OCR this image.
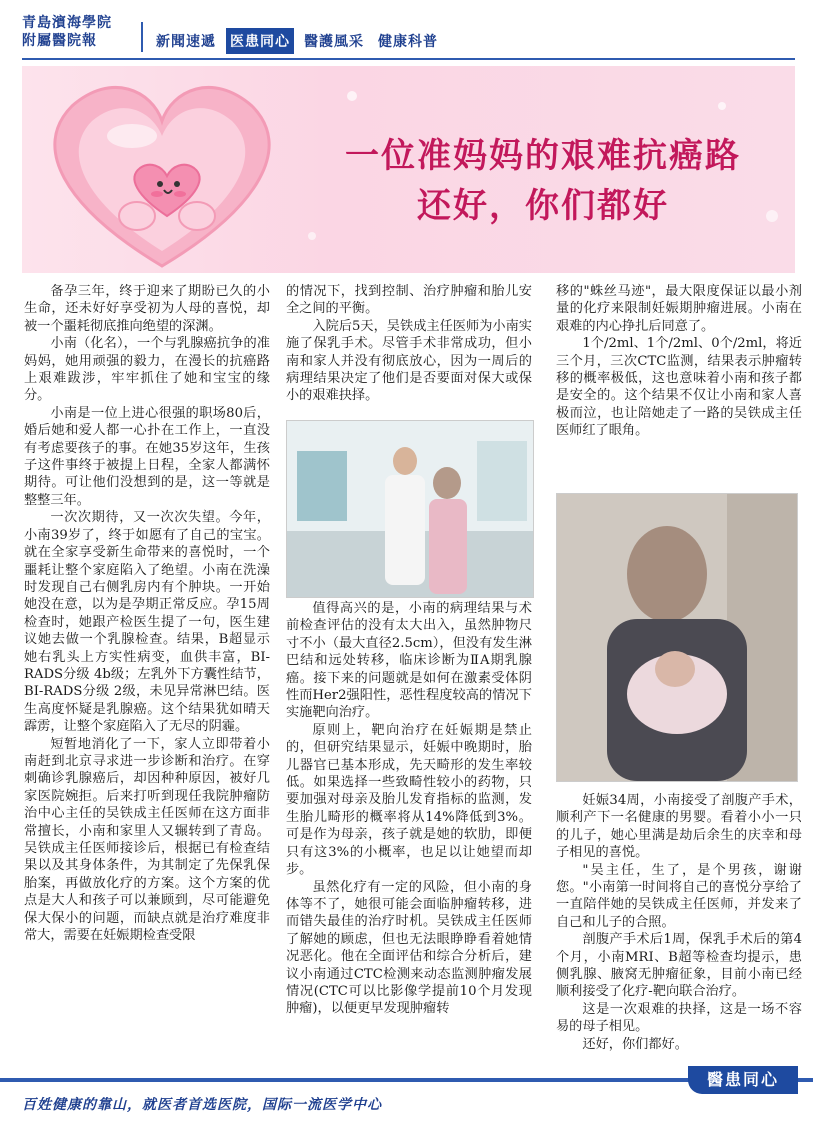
青島濱海學院
附屬醫院報	新聞速遞 医患同心 醫護風采 健康科普
一位准妈妈的艰难抗癌路
还好，你们都好

备孕三年，终于迎来了期盼已久的小生命，还未好好享受初为人母的喜悦，却被一个噩耗彻底推向绝望的深渊。

小南（化名），一个与乳腺癌抗争的准妈妈，她用顽强的毅力，在漫长的抗癌路上艰难跋涉，牢牢抓住了她和宝宝的缘分。

小南是一位上进心很强的职场80后，婚后她和爱人都一心扑在工作上，一直没有考虑要孩子的事。在她35岁这年，生孩子这件事终于被提上日程，全家人都满怀期待。可让他们没想到的是，这一等就是整整三年。

一次次期待，又一次次失望。今年，小南39岁了，终于如愿有了自己的宝宝。就在全家享受新生命带来的喜悦时，一个噩耗让整个家庭陷入了绝望。小南在洗澡时发现自己右侧乳房内有个肿块。一开始她没在意，以为是孕期正常反应。孕15周检查时，她跟产检医生提了一句，医生建议她去做一个乳腺检查。结果，B超显示她右乳头上方实性病变，血供丰富，BI-RADS分级 4b级；左乳外下方囊性结节，BI-RADS分级 2级，未见异常淋巴结。医生高度怀疑是乳腺癌。这个结果犹如晴天霹雳，让整个家庭陷入了无尽的阴霾。

短暂地消化了一下，家人立即带着小南赶到北京寻求进一步诊断和治疗。在穿刺确诊乳腺癌后，却因种种原因，被好几家医院婉拒。后来打听到现任我院肿瘤防治中心主任的吴铁成主任医师在这方面非常擅长，小南和家里人又辗转到了青岛。吴铁成主任医师接诊后，根据已有检查结果以及其身体条件，为其制定了先保乳保胎案，再做放化疗的方案。这个方案的优点是大人和孩子可以兼顾到，尽可能避免保大保小的问题，而缺点就是治疗难度非常大，需要在妊娠期检查受限

的情况下，找到控制、治疗肿瘤和胎儿安全之间的平衡。

入院后5天，吴铁成主任医师为小南实施了保乳手术。尽管手术非常成功，但小南和家人并没有彻底放心，因为一周后的病理结果决定了他们是否要面对保大或保小的艰难抉择。

值得高兴的是，小南的病理结果与术前检查评估的没有太大出入，虽然肿物尺寸不小（最大直径2.5cm），但没有发生淋巴结和远处转移，临床诊断为ⅡA期乳腺癌。接下来的问题就是如何在激素受体阴性而Her2强阳性，恶性程度较高的情况下实施靶向治疗。

原则上，靶向治疗在妊娠期是禁止的，但研究结果显示，妊娠中晚期时，胎儿器官已基本形成，先天畸形的发生率较低。如果选择一些致畸性较小的药物，只要加强对母亲及胎儿发育指标的监测，发生胎儿畸形的概率将从14%降低到3%。可是作为母亲，孩子就是她的软肋，即便只有这3%的小概率，也足以让她望而却步。

虽然化疗有一定的风险，但小南的身体等不了，她很可能会面临肿瘤转移，进而错失最佳的治疗时机。吴铁成主任医师了解她的顾虑，但也无法眼睁睁看着她情况恶化。他在全面评估和综合分析后，建议小南通过CTC检测来动态监测肿瘤发展情况(CTC可以比影像学提前10个月发现肿瘤)，以便更早发现肿瘤转

移的"蛛丝马迹"，最大限度保证以最小剂量的化疗来限制妊娠期肿瘤进展。小南在艰难的内心挣扎后同意了。

1个/2ml、1个/2ml、0个/2ml，将近三个月，三次CTC监测，结果表示肿瘤转移的概率极低，这也意味着小南和孩子都是安全的。这个结果不仅让小南和家人喜极而泣，也让陪她走了一路的吴铁成主任医师红了眼角。

妊娠34周，小南接受了剖腹产手术，顺利产下一名健康的男婴。看着小小一只的儿子，她心里满是劫后余生的庆幸和母子相见的喜悦。

"吴主任，生了，是个男孩，谢谢您。"小南第一时间将自己的喜悦分享给了一直陪伴她的吴铁成主任医师，并发来了自己和儿子的合照。

剖腹产手术后1周，保乳手术后的第4个月，小南MRI、B超等检查均提示，患侧乳腺、腋窝无肿瘤征象，目前小南已经顺利接受了化疗-靶向联合治疗。

这是一次艰难的抉择，这是一场不容易的母子相见。

还好，你们都好。

醫患同心
百姓健康的靠山，就医者首选医院，国际一流医学中心
